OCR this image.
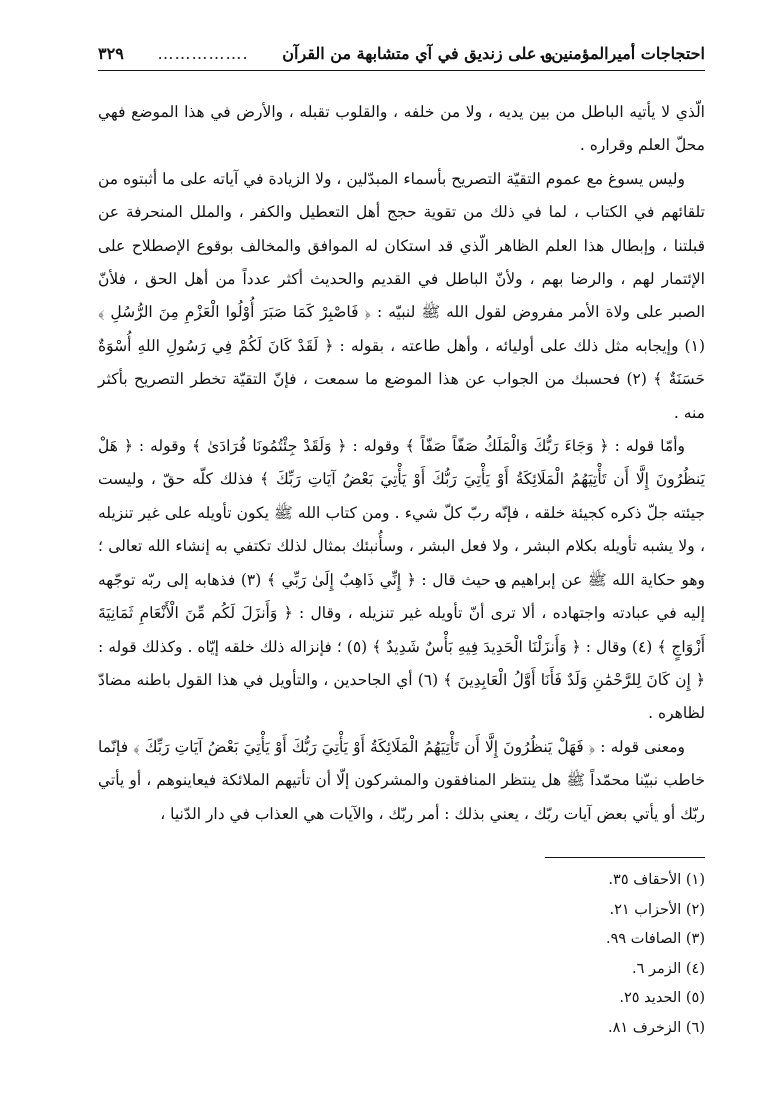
احتجاجات أميرالمؤمنين؈ على زنديق في آي متشابهة من القرآن
…………….
٣٢٩

الّذي لا يأتيه الباطل من بين يديه ، ولا من خلفه ، والقلوب تقبله ، والأرض في هذا الموضع فهي محلّ العلم وقراره .

وليس يسوغ مع عموم التقيّة التصريح بأسماء المبدّلين ، ولا الزيادة في آياته على ما أثبتوه من تلقائهم في الكتاب ، لما في ذلك من تقوية حجج أهل التعطيل والكفر ، والملل المنحرفة عن قبلتنا ، وإبطال هذا العلم الظاهر الّذي قد استكان له الموافق والمخالف بوقوع الإصطلاح على الإئتمار لهم ، والرضا بهم ، ولأنّ الباطل في القديم والحديث أكثر عدداً من أهل الحق ، فلأنّ الصبر على ولاة الأمر مفروض لقول الله ﷺ لنبيّه : ﴿ فَاصْبِرْ كَمَا صَبَرَ أُوْلُوا الْعَزْمِ مِنَ الرُّسُلِ ﴾ (١) وإيجابه مثل ذلك على أوليائه ، وأهل طاعته ، بقوله : ﴿ لَقَدْ كَانَ لَكُمْ فِي رَسُولِ اللهِ أُسْوَةٌ حَسَنَةٌ ﴾ (٢) فحسبك من الجواب عن هذا الموضع ما سمعت ، فإنّ التقيّة تخطر التصريح بأكثر منه .

وأمّا قوله : ﴿ وَجَاءَ رَبُّكَ وَالْمَلَكُ صَفّاً صَفّاً ﴾ وقوله : ﴿ وَلَقَدْ جِئْتُمُونَا فُرَادَىٰ ﴾ وقوله : ﴿ هَلْ يَنظُرُونَ إِلَّا أَن تَأْتِيَهُمُ الْمَلَائِكَةُ أَوْ يَأْتِيَ رَبُّكَ أَوْ يَأْتِيَ بَعْضُ آيَاتِ رَبِّكَ ﴾ فذلك كلّه حقّ ، وليست جيئته جلّ ذكره كجيئة خلقه ، فإنّه ربّ كلّ شيء . ومن كتاب الله ﷺ يكون تأويله على غير تنزيله ، ولا يشبه تأويله بكلام البشر ، ولا فعل البشر ، وسأُنبئك بمثال لذلك تكتفي به إنشاء الله تعالى ؛ وهو حكاية الله ﷺ عن إبراهيم ؈ حيث قال : ﴿ إِنِّي ذَاهِبٌ إِلَىٰ رَبِّي ﴾ (٣) فذهابه إلى ربّه توجّهه إليه في عبادته واجتهاده ، ألا ترى أنّ تأويله غير تنزيله ، وقال : ﴿ وَأَنزَلَ لَكُم مِّنَ الْأَنْعَامِ ثَمَانِيَةَ أَزْوَاجٍ ﴾ (٤) وقال : ﴿ وَأَنزَلْنَا الْحَدِيدَ فِيهِ بَأْسٌ شَدِيدٌ ﴾ (٥) ؛ فإنزاله ذلك خلقه إيّاه . وكذلك قوله : ﴿ إِن كَانَ لِلرَّحْمَٰنِ وَلَدٌ فَأَنَا أَوَّلُ الْعَابِدِينَ ﴾ (٦) أي الجاحدين ، والتأويل في هذا القول باطنه مضادّ لظاهره .

ومعنى قوله : ﴿ فَهَلْ يَنظُرُونَ إِلَّا أَن تَأْتِيَهُمُ الْمَلَائِكَةُ أَوْ يَأْتِيَ رَبُّكَ أَوْ يَأْتِيَ بَعْضُ آيَاتِ رَبِّكَ ﴾ فإنّما خاطب نبيّنا محمّداً ﷺ هل ينتظر المنافقون والمشركون إلّا أن تأتيهم الملائكة فيعاينوهم ، أو يأتي ربّك أو يأتي بعض آيات ربّك ، يعني بذلك : أمر ربّك ، والآيات هي العذاب في دار الدّنيا ،

(١) الأحقاف ٣٥.
(٢) الأحزاب ٢١.
(٣) الصافات ٩٩.
(٤) الزمر ٦.
(٥) الحديد ٢٥.
(٦) الزخرف ٨١.
